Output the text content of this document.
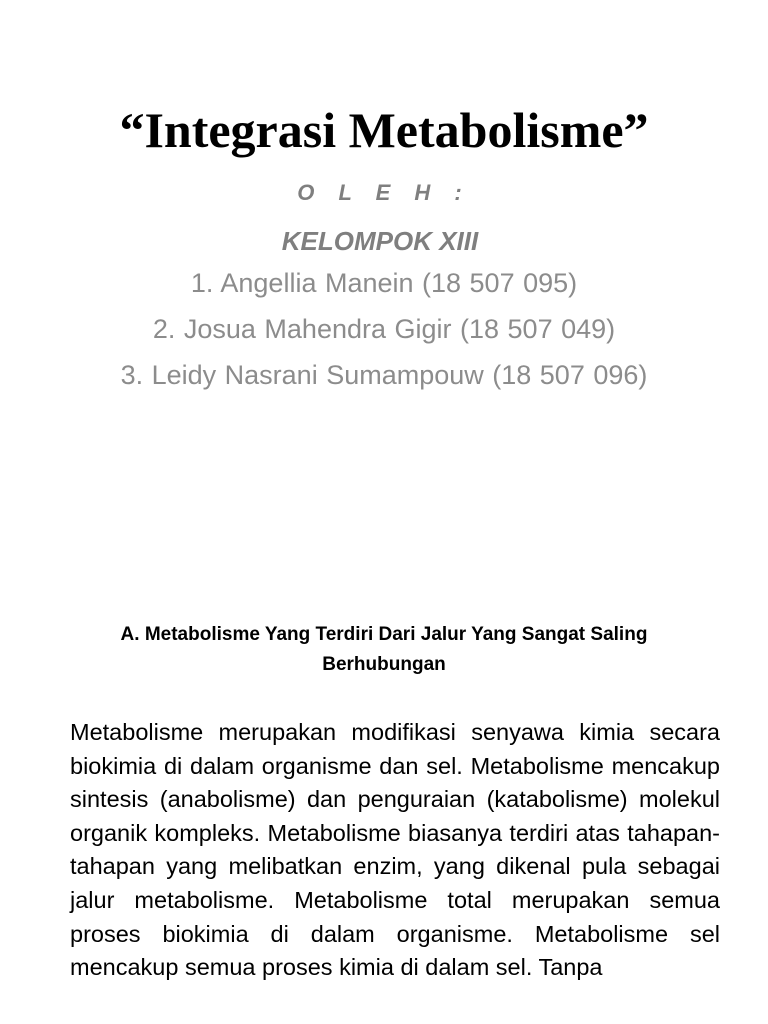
“Integrasi Metabolisme”
O L E H :
KELOMPOK XIII
1. Angellia Manein (18 507 095)
2. Josua Mahendra Gigir (18 507 049)
3. Leidy Nasrani Sumampouw (18 507 096)
A. Metabolisme Yang Terdiri Dari Jalur Yang Sangat Saling Berhubungan

Metabolisme merupakan modifikasi senyawa kimia secara biokimia di dalam organisme dan sel. Metabolisme mencakup sintesis (anabolisme) dan penguraian (katabolisme) molekul organik kompleks. Metabolisme biasanya terdiri atas tahapan-tahapan yang melibatkan enzim, yang dikenal pula sebagai jalur metabolisme. Metabolisme total merupakan semua proses biokimia di dalam organisme. Metabolisme sel mencakup semua proses kimia di dalam sel. Tanpa
